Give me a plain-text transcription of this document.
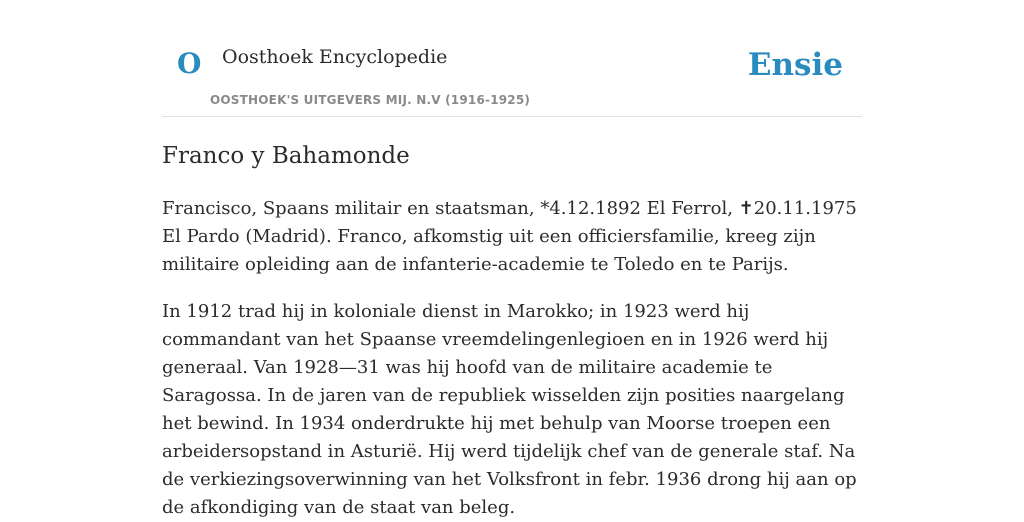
O Oosthoek Encyclopedie
OOSTHOEK'S UITGEVERS MIJ. N.V (1916-1925)
Ensie
Franco y Bahamonde

Francisco, Spaans militair en staatsman, *4.12.1892 El Ferrol, ✝20.11.1975 El Pardo (Madrid). Franco, afkomstig uit een officiersfamilie, kreeg zijn militaire opleiding aan de infanterie-academie te Toledo en te Parijs.

In 1912 trad hij in koloniale dienst in Marokko; in 1923 werd hij commandant van het Spaanse vreemdelingenlegioen en in 1926 werd hij generaal. Van 1928—31 was hij hoofd van de militaire academie te Saragossa. In de jaren van de republiek wisselden zijn posities naargelang het bewind. In 1934 onderdrukte hij met behulp van Moorse troepen een arbeidersopstand in Asturië. Hij werd tijdelijk chef van de generale staf. Na de verkiezingsoverwinning van het Volksfront in febr. 1936 drong hij aan op de afkondiging van de staat van beleg.
